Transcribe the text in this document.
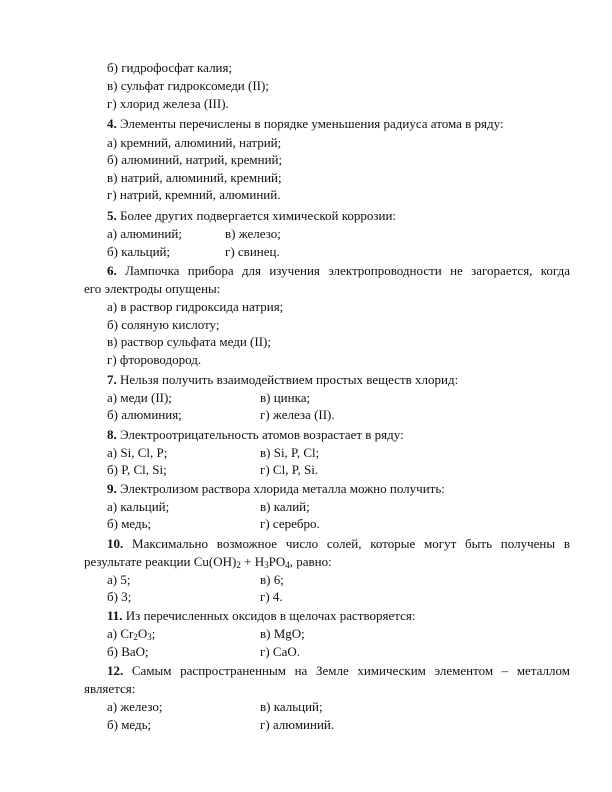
б) гидрофосфат калия;
в) сульфат гидроксомеди (II);
г) хлорид железа (III).
4. Элементы перечислены в порядке уменьшения радиуса атома в ряду:
а) кремний, алюминий, натрий;
б) алюминий, натрий, кремний;
в) натрий, алюминий, кремний;
г) натрий, кремний, алюминий.
5. Более других подвергается химической коррозии:
а) алюминий;	в) железо;
б) кальций;	г) свинец.
6. Лампочка прибора для изучения электропроводности не загорается, когда
его электроды опущены:
а) в раствор гидроксида натрия;
б) соляную кислоту;
в) раствор сульфата меди (II);
г) фтороводород.
7. Нельзя получить взаимодействием простых веществ хлорид:
а) меди (II);	в) цинка;
б) алюминия;	г) железа (II).
8. Электроотрицательность атомов возрастает в ряду:
а) Si, Cl, P;	в) Si, P, Cl;
б) P, Cl, Si;	г) Cl, P, Si.
9. Электролизом раствора хлорида металла можно получить:
а) кальций;	в) калий;
б) медь;	г) серебро.
10. Максимально возможное число солей, которые могут быть получены в
результате реакции $Cu(OH)_2 + H_3PO_4$, равно:
а) 5;	в) 6;
б) 3;	г) 4.
11. Из перечисленных оксидов в щелочах растворяется:
а) $Cr_2O_3$;	в) MgO;
б) BaO;	г) CaO.
12. Самым распространенным на Земле химическим элементом – металлом
является:
а) железо;	в) кальций;
б) медь;	г) алюминий.
